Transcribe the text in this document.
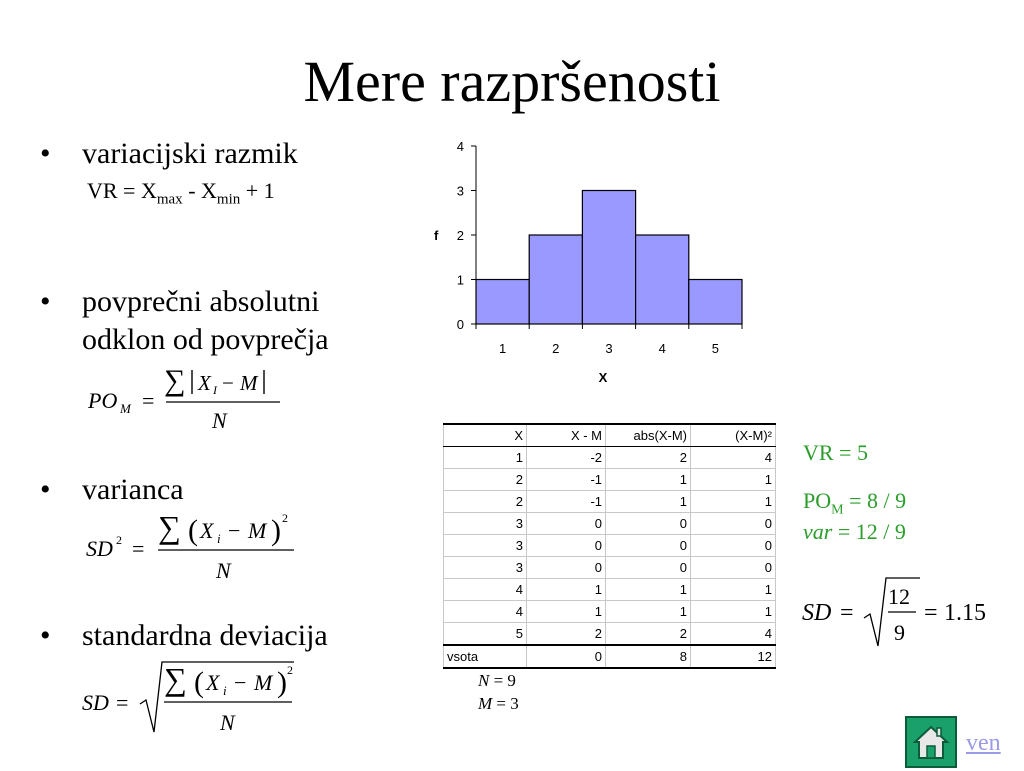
Mere razpršenosti
• variacijski razmik
VR = $X_{max} - X_{min} + 1$
• povprečni absolutni
odklon od povprečja
PO M =
∑ X I − M
N
• varianca
SD 2 =
∑ ( X i − M ) 2
N
• standardna deviacija
SD =
∑ ( X i − M ) 2
N
f
X
0
1
2
3
4
1	2	3	4	5
X	X - M	abs(X-M)	(X-M)²
1	-2	2	4
2	-1	1	1
2	-1	1	1
3	0	0	0
3	0	0	0
3	0	0	0
4	1	1	1
4	1	1	1
5	2	2	4
vsota	0	8	12
VR = 5
$PO_M = 8 / 9$
var = 12 / 9
SD =
12
9
= 1.15
N = 9
M = 3
ven
